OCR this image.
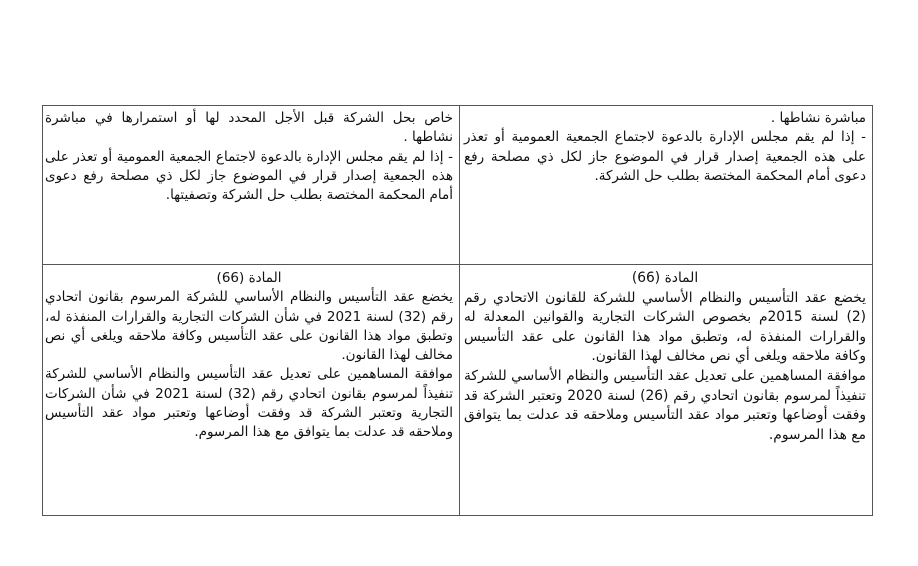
خاص بحل الشركة قبل الأجل المحدد لها أو استمرارها في مباشرة نشاطها .

- إذا لم يقم مجلس الإدارة بالدعوة لاجتماع الجمعية العمومية أو تعذر على هذه الجمعية إصدار قرار في الموضوع جاز لكل ذي مصلحة رفع دعوى أمام المحكمة المختصة بطلب حل الشركة وتصفيتها.

مباشرة نشاطها .

- إذا لم يقم مجلس الإدارة بالدعوة لاجتماع الجمعية العمومية أو تعذر على هذه الجمعية إصدار قرار في الموضوع جاز لكل ذي مصلحة رفع دعوى أمام المحكمة المختصة بطلب حل الشركة.

المادة (66)

يخضع عقد التأسيس والنظام الأساسي للشركة المرسوم بقانون اتحادي رقم (32) لسنة 2021 في شأن الشركات التجارية والقرارات المنفذة له، وتطبق مواد هذا القانون على عقد التأسيس وكافة ملاحقه ويلغى أي نص مخالف لهذا القانون.

موافقة المساهمين على تعديل عقد التأسيس والنظام الأساسي للشركة تنفيذاً لمرسوم بقانون اتحادي رقم (32) لسنة 2021 في شأن الشركات التجارية وتعتبر الشركة قد وفقت أوضاعها وتعتبر مواد عقد التأسيس وملاحقه قد عدلت بما يتوافق مع هذا المرسوم.

المادة (66)

يخضع عقد التأسيس والنظام الأساسي للشركة للقانون الاتحادي رقم (2) لسنة 2015م بخصوص الشركات التجارية والقوانين المعدلة له والقرارات المنفذة له، وتطبق مواد هذا القانون على عقد التأسيس وكافة ملاحقه ويلغى أي نص مخالف لهذا القانون.

موافقة المساهمين على تعديل عقد التأسيس والنظام الأساسي للشركة تنفيذاً لمرسوم بقانون اتحادي رقم (26) لسنة 2020 وتعتبر الشركة قد وفقت أوضاعها وتعتبر مواد عقد التأسيس وملاحقه قد عدلت بما يتوافق مع هذا المرسوم.
